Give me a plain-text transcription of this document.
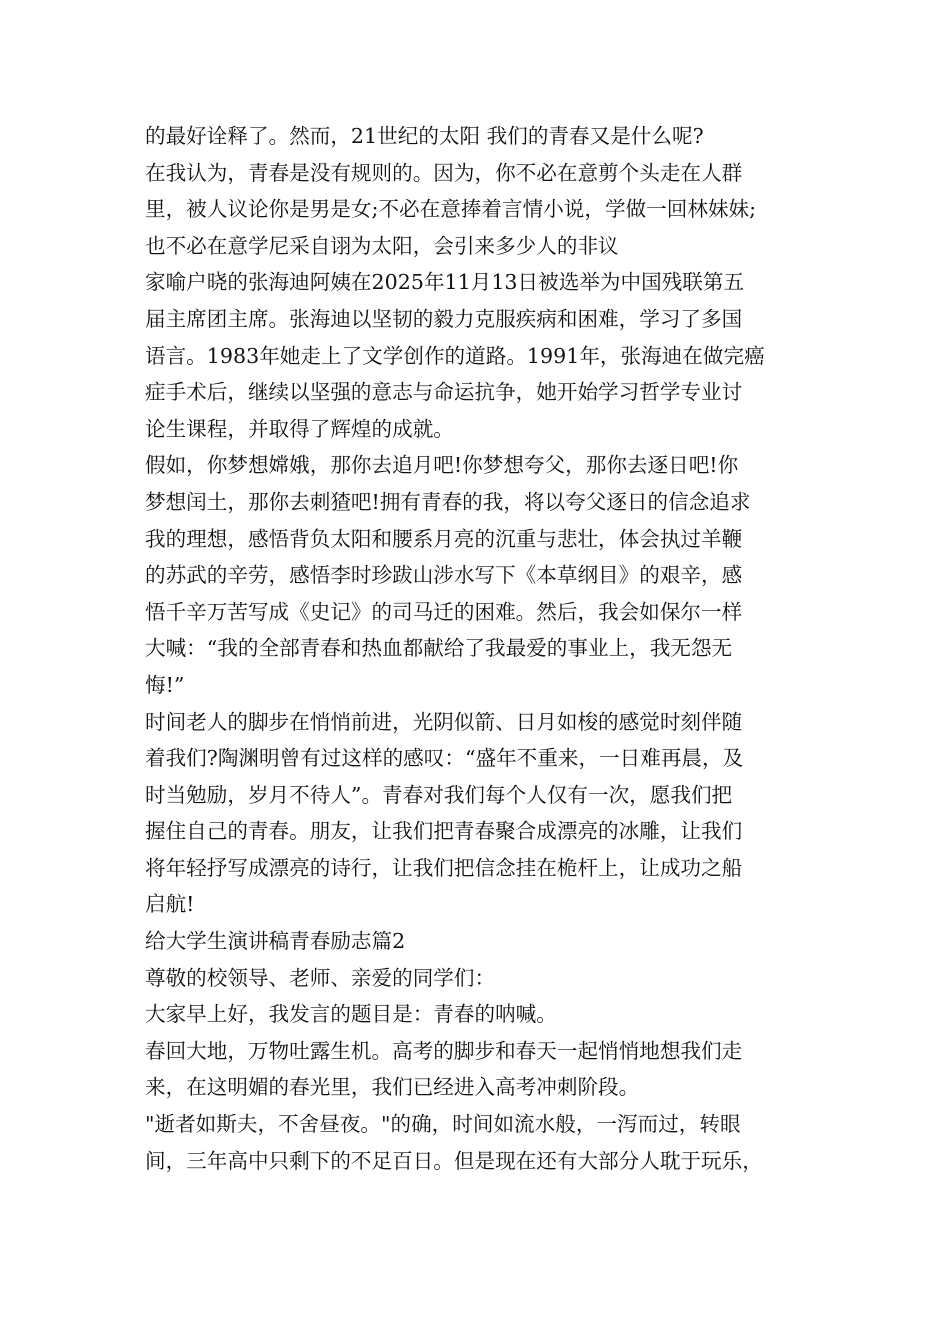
的最好诠释了。然而，21世纪的太阳 我们的青春又是什么呢?
在我认为，青春是没有规则的。因为，你不必在意剪个头走在人群
里，被人议论你是男是女;不必在意捧着言情小说，学做一回林妹妹;
也不必在意学尼采自诩为太阳，会引来多少人的非议
家喻户晓的张海迪阿姨在2025年11月13日被选举为中国残联第五
届主席团主席。张海迪以坚韧的毅力克服疾病和困难，学习了多国
语言。1983年她走上了文学创作的道路。1991年，张海迪在做完癌
症手术后，继续以坚强的意志与命运抗争，她开始学习哲学专业讨
论生课程，并取得了辉煌的成就。
假如，你梦想嫦娥，那你去追月吧!你梦想夸父，那你去逐日吧!你
梦想闰土，那你去刺猹吧!拥有青春的我，将以夸父逐日的信念追求
我的理想，感悟背负太阳和腰系月亮的沉重与悲壮，体会执过羊鞭
的苏武的辛劳，感悟李时珍跋山涉水写下《本草纲目》的艰辛，感
悟千辛万苦写成《史记》的司马迁的困难。然后，我会如保尔一样
大喊：“我的全部青春和热血都献给了我最爱的事业上，我无怨无
悔!”
时间老人的脚步在悄悄前进，光阴似箭、日月如梭的感觉时刻伴随
着我们?陶渊明曾有过这样的感叹：“盛年不重来，一日难再晨，及
时当勉励，岁月不待人”。青春对我们每个人仅有一次，愿我们把
握住自己的青春。朋友，让我们把青春聚合成漂亮的冰雕，让我们
将年轻抒写成漂亮的诗行，让我们把信念挂在桅杆上，让成功之船
启航!
给大学生演讲稿青春励志篇2
尊敬的校领导、老师、亲爱的同学们：
大家早上好，我发言的题目是：青春的呐喊。
春回大地，万物吐露生机。高考的脚步和春天一起悄悄地想我们走
来，在这明媚的春光里，我们已经进入高考冲刺阶段。
"逝者如斯夫，不舍昼夜。"的确，时间如流水般，一泻而过，转眼
间，三年高中只剩下的不足百日。但是现在还有大部分人耽于玩乐，
